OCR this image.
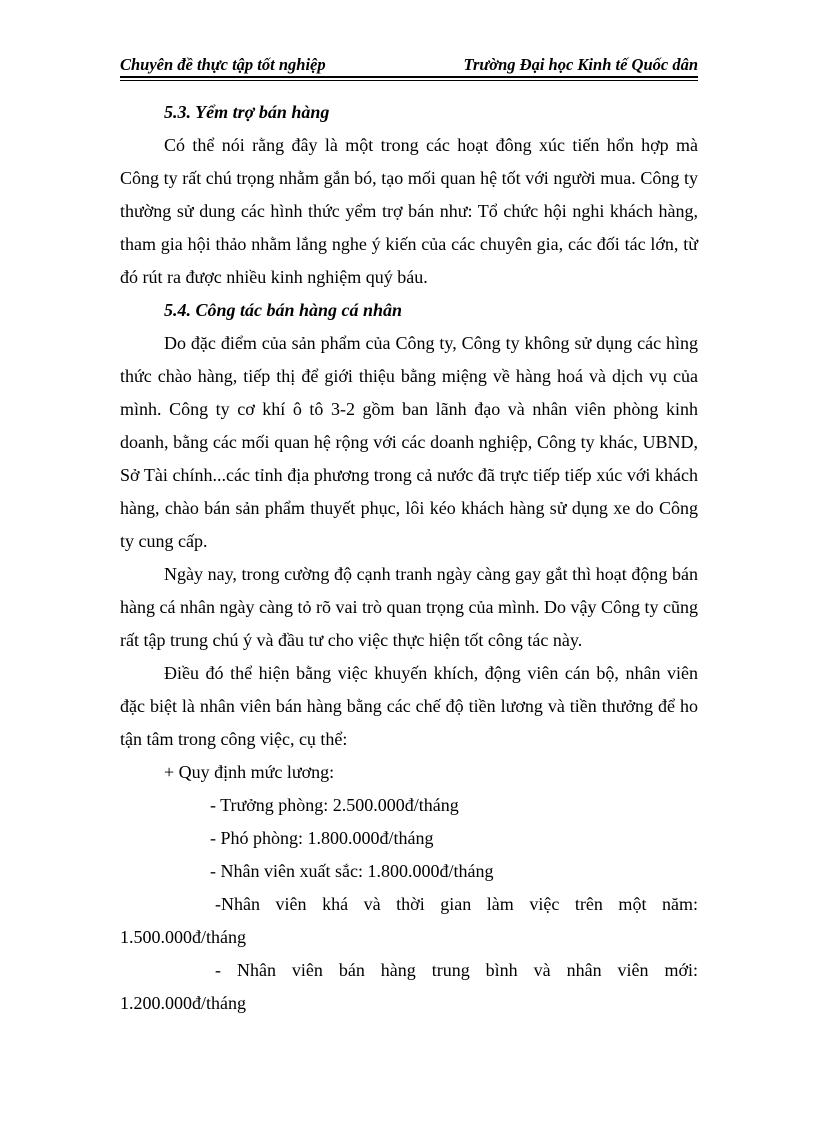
Chuyên đề thực tập tốt nghiệp	Trường Đại học Kinh tế Quốc dân

5.3. Yểm trợ bán hàng

Có thể nói rằng đây là một trong các hoạt đông xúc tiến hổn hợp mà Công ty rất chú trọng nhằm gắn bó, tạo mối quan hệ tốt với người mua. Công ty thường sử dung các hình thức yểm trợ bán như: Tổ chức hội nghi khách hàng, tham gia hội thảo nhằm lắng nghe ý kiến của các chuyên gia, các đối tác lớn, từ đó rút ra được nhiều kinh nghiệm quý báu.

5.4. Công tác bán hàng cá nhân

Do đặc điểm của sản phẩm của Công ty, Công ty không sử dụng các hìng thức chào hàng, tiếp thị để giới thiệu bằng miệng về hàng hoá và dịch vụ của mình. Công ty cơ khí ô tô 3-2 gồm ban lãnh đạo và nhân viên phòng kinh doanh, bằng các mối quan hệ rộng với các doanh nghiệp, Công ty khác, UBND, Sở Tài chính...các tỉnh địa phương trong cả nước đã trực tiếp tiếp xúc với khách hàng, chào bán sản phẩm thuyết phục, lôi kéo khách hàng sử dụng xe do Công ty cung cấp.

Ngày nay, trong cường độ cạnh tranh ngày càng gay gắt thì hoạt động bán hàng cá nhân ngày càng tỏ rõ vai trò quan trọng của mình. Do vậy Công ty cũng rất tập trung chú ý và đầu tư cho việc thực hiện tốt công tác này.

Điều đó thể hiện bằng việc khuyến khích, động viên cán bộ, nhân viên đặc biệt là nhân viên bán hàng bằng các chế độ tiền lương và tiền thưởng để ho tận tâm trong công việc, cụ thể:

+ Quy định mức lương:

- Trưởng phòng: 2.500.000đ/tháng

- Phó phòng: 1.800.000đ/tháng

- Nhân viên xuất sắc: 1.800.000đ/tháng

-Nhân viên khá và thời gian làm việc trên một năm: 1.500.000đ/tháng

- Nhân viên bán hàng trung bình và nhân viên mới: 1.200.000đ/tháng
